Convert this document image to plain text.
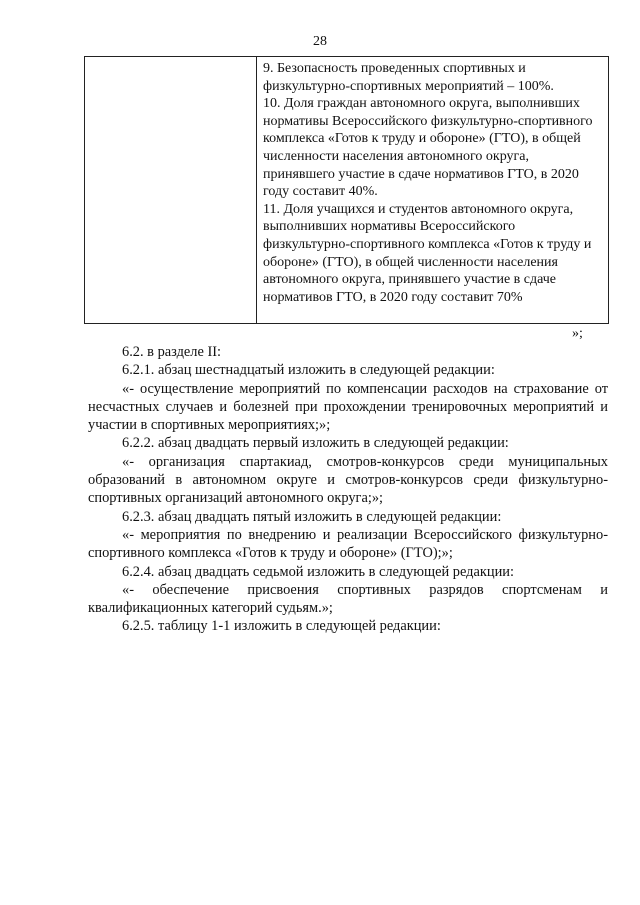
28

9. Безопасность проведенных спортивных и физкультурно-спортивных мероприятий – 100%.

10. Доля граждан автономного округа, выполнивших нормативы Всероссийского физкультурно-спортивного комплекса «Готов к труду и обороне» (ГТО), в общей численности населения автономного округа, принявшего участие в сдаче нормативов ГТО, в 2020 году составит 40%.

11. Доля учащихся и студентов автономного округа, выполнивших нормативы Всероссийского физкультурно-спортивного комплекса «Готов к труду и обороне» (ГТО), в общей численности населения автономного округа, принявшего участие в сдаче нормативов ГТО, в 2020 году составит 70%

»;

6.2. в разделе II:

6.2.1. абзац шестнадцатый изложить в следующей редакции:

«- осуществление мероприятий по компенсации расходов на страхование от несчастных случаев и болезней при прохождении тренировочных мероприятий и участии в спортивных мероприятиях;»;

6.2.2. абзац двадцать первый изложить в следующей редакции:

«- организация спартакиад, смотров-конкурсов среди муниципальных образований в автономном округе и смотров-конкурсов среди физкультурно-спортивных организаций автономного округа;»;

6.2.3. абзац двадцать пятый изложить в следующей редакции:

«- мероприятия по внедрению и реализации Всероссийского физкультурно-спортивного комплекса «Готов к труду и обороне» (ГТО);»;

6.2.4. абзац двадцать седьмой изложить в следующей редакции:

«- обеспечение присвоения спортивных разрядов спортсменам и квалификационных категорий судьям.»;

6.2.5. таблицу 1-1 изложить в следующей редакции:
